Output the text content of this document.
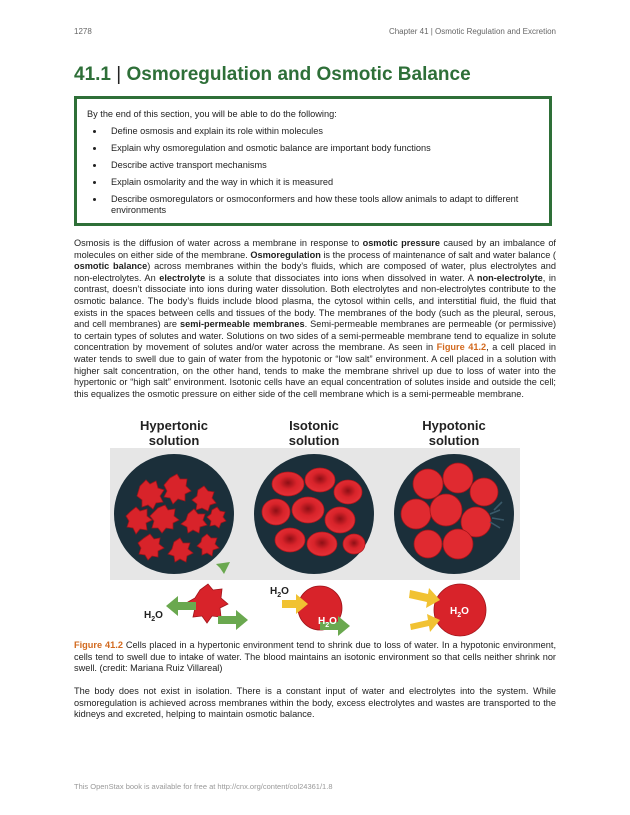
1278	Chapter 41 | Osmotic Regulation and Excretion
41.1 | Osmoregulation and Osmotic Balance

By the end of this section, you will be able to do the following:

• Define osmosis and explain its role within molecules
• Explain why osmoregulation and osmotic balance are important body functions
• Describe active transport mechanisms
• Explain osmolarity and the way in which it is measured
• Describe osmoregulators or osmoconformers and how these tools allow animals to adapt to different environments

Osmosis is the diffusion of water across a membrane in response to osmotic pressure caused by an imbalance of molecules on either side of the membrane. Osmoregulation is the process of maintenance of salt and water balance ( osmotic balance) across membranes within the body’s fluids, which are composed of water, plus electrolytes and non-electrolytes. An electrolyte is a solute that dissociates into ions when dissolved in water. A non-electrolyte, in contrast, doesn’t dissociate into ions during water dissolution. Both electrolytes and non-electrolytes contribute to the osmotic balance. The body’s fluids include blood plasma, the cytosol within cells, and interstitial fluid, the fluid that exists in the spaces between cells and tissues of the body. The membranes of the body (such as the pleural, serous, and cell membranes) are semi-permeable membranes. Semi-permeable membranes are permeable (or permissive) to certain types of solutes and water. Solutions on two sides of a semi-permeable membrane tend to equalize in solute concentration by movement of solutes and/or water across the membrane. As seen in Figure 41.2, a cell placed in water tends to swell due to gain of water from the hypotonic or “low salt” environment. A cell placed in a solution with higher salt concentration, on the other hand, tends to make the membrane shrivel up due to loss of water into the hypertonic or “high salt” environment. Isotonic cells have an equal concentration of solutes inside and outside the cell; this equalizes the osmotic pressure on either side of the cell membrane which is a semi-permeable membrane.

Hypertonic
solution
Isotonic
solution
Hypotonic
solution
$H_2O$
$H_2O$
$H_2O$
$H_2O$

Figure 41.2 Cells placed in a hypertonic environment tend to shrink due to loss of water. In a hypotonic environment, cells tend to swell due to intake of water. The blood maintains an isotonic environment so that cells neither shrink nor swell. (credit: Mariana Ruiz Villareal)

The body does not exist in isolation. There is a constant input of water and electrolytes into the system. While osmoregulation is achieved across membranes within the body, excess electrolytes and wastes are transported to the kidneys and excreted, helping to maintain osmotic balance.

This OpenStax book is available for free at http://cnx.org/content/col24361/1.8
